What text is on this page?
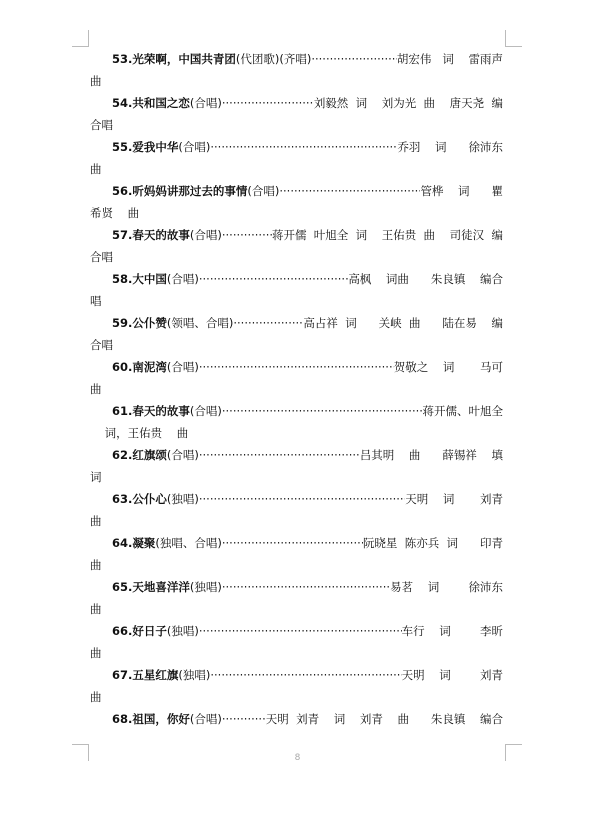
53. 光荣啊，中国共青团 (代团歌)(齐唱) ·····	胡宏伟   词    雷雨声

曲

54. 共和国之恋 (合唱) ·····	刘毅然  词    刘为光  曲    唐天尧  编

合唱

55. 爱我中华 (合唱) ·····	乔羽    词      徐沛东

曲

56. 听妈妈讲那过去的事情 (合唱) ·····	管桦    词      瞿

希贤    曲

57. 春天的故事 (合唱) ·····	蒋开儒  叶旭全  词    王佑贵  曲    司徒汉  编

合唱

58. 大中国 (合唱) ·····	高枫    词曲      朱良镇    编合

唱

59. 公仆赞 (领唱、合唱) ·····	高占祥  词      关峡  曲      陆在易    编

合唱

60. 南泥湾 (合唱) ·····	贺敬之    词       马可

曲

61. 春天的故事 (合唱) ·····	蒋开儒、叶旭全

词，王佑贵    曲

62. 红旗颂 (合唱) ·····	吕其明    曲      薛锡祥    填

词

63. 公仆心 (独唱) ·····	天明    词       刘青

曲

64. 凝聚 (独唱、合唱) ·····	阮晓星  陈亦兵  词      印青

曲

65. 天地喜洋洋 (独唱) ·····	易茗    词        徐沛东

曲

66. 好日子 (独唱) ·····	车行    词        李昕

曲

67. 五星红旗 (独唱) ·····	天明    词        刘青

曲

68. 祖国，你好 (合唱) ·····	天明  刘青    词    刘青    曲      朱良镇    编合

8
